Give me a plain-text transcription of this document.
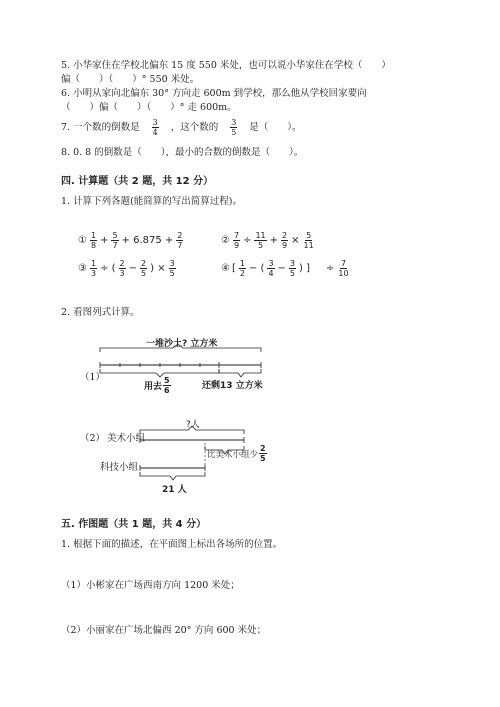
5. 小华家住在学校北偏东 15 度 550 米处，也可以说小华家住在学校（　　）
偏（　　）（　　）° 550 米处。
6. 小明从家向北偏东 30° 方向走 600m 到学校，那么他从学校回家要向
（　　）偏（　　）（　　）° 走 600m。
7. 一个数的倒数是 $\frac{3}{4}$ ，这个数的 $\frac{3}{5}$ 是（　　）。
8. 0. 8 的倒数是（　　），最小的合数的倒数是（　　）。
四. 计算题（共 2 题，共 12 分）
1. 计算下列各题(能简算的写出简算过程)。
① $\frac{1}{8} + \frac{5}{7} + 6.875 + \frac{2}{7}$	② $\frac{7}{9} \div \frac{11}{5} + \frac{2}{9} \times \frac{5}{11}$
③ $\frac{1}{3}$ ÷ ( $\frac{2}{3} - \frac{2}{5}$ ) × $\frac{3}{5}$	④ [ $\frac{1}{2}$ − ( $\frac{3}{4} - \frac{3}{5}$ ) ] ÷ $\frac{7}{10}$
2. 看图列式计算。
（1）
一堆沙土? 立方米
用去 $\frac{5}{6}$	还剩13 立方米
（2） 美术小组
科技小组
?人
比美术小组少 $\frac{2}{5}$
21 人
五. 作图题（共 1 题，共 4 分）
1. 根据下面的描述，在平面图上标出各场所的位置。
（1）小彬家在广场西南方向 1200 米处；
（2）小丽家在广场北偏西 20° 方向 600 米处；
